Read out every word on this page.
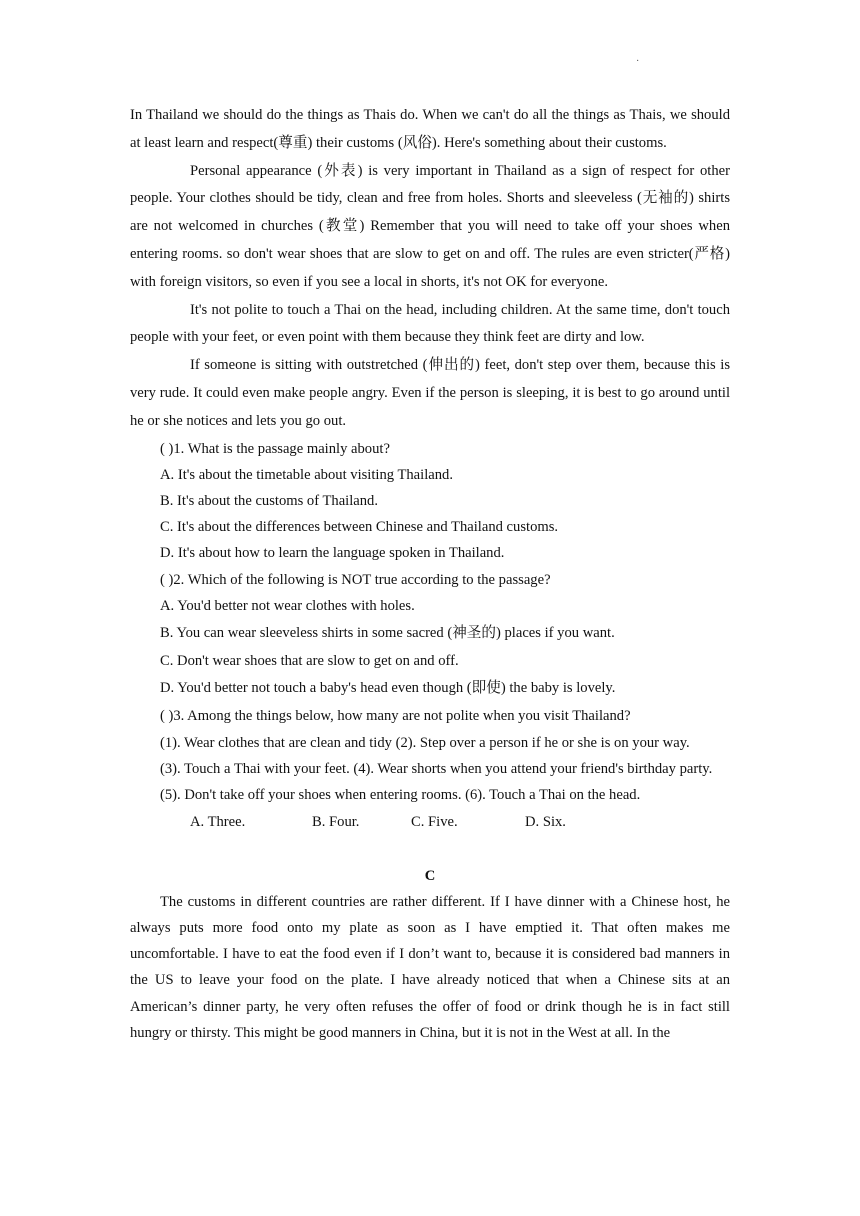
·

In Thailand we should do the things as Thais do. When we can't do all the things as Thais, we should at least learn and respect(尊重) their customs (风俗). Here's something about their customs.

Personal appearance (外表) is very important in Thailand as a sign of respect for other people. Your clothes should be tidy, clean and free from holes. Shorts and sleeveless (无袖的) shirts are not welcomed in churches (教堂) Remember that you will need to take off your shoes when entering rooms. so don't wear shoes that are slow to get on and off. The rules are even stricter(严格) with foreign visitors, so even if you see a local in shorts, it's not OK for everyone.

It's not polite to touch a Thai on the head, including children. At the same time, don't touch people with your feet, or even point with them because they think feet are dirty and low.

If someone is sitting with outstretched (伸出的) feet, don't step over them, because this is very rude. It could even make people angry. Even if the person is sleeping, it is best to go around until he or she notices and lets you go out.

( )1. What is the passage mainly about?

A. It's about the timetable about visiting Thailand.

B. It's about the customs of Thailand.

C. It's about the differences between Chinese and Thailand customs.

D. It's about how to learn the language spoken in Thailand.

( )2. Which of the following is NOT true according to the passage?

A. You'd better not wear clothes with holes.

B. You can wear sleeveless shirts in some sacred (神圣的) places if you want.

C. Don't wear shoes that are slow to get on and off.

D. You'd better not touch a baby's head even though (即使) the baby is lovely.

( )3. Among the things below, how many are not polite when you visit Thailand?

(1). Wear clothes that are clean and tidy (2). Step over a person if he or she is on your way.

(3). Touch a Thai with your feet. (4). Wear shorts when you attend your friend's birthday party.

(5). Don't take off your shoes when entering rooms. (6). Touch a Thai on the head.

A. Three.	B. Four.	C. Five.	D. Six.

C

The customs in different countries are rather different. If I have dinner with a Chinese host, he always puts more food onto my plate as soon as I have emptied it. That often makes me uncomfortable. I have to eat the food even if I don’t want to, because it is considered bad manners in the US to leave your food on the plate. I have already noticed that when a Chinese sits at an American’s dinner party, he very often refuses the offer of food or drink though he is in fact still hungry or thirsty. This might be good manners in China, but it is not in the West at all. In the
